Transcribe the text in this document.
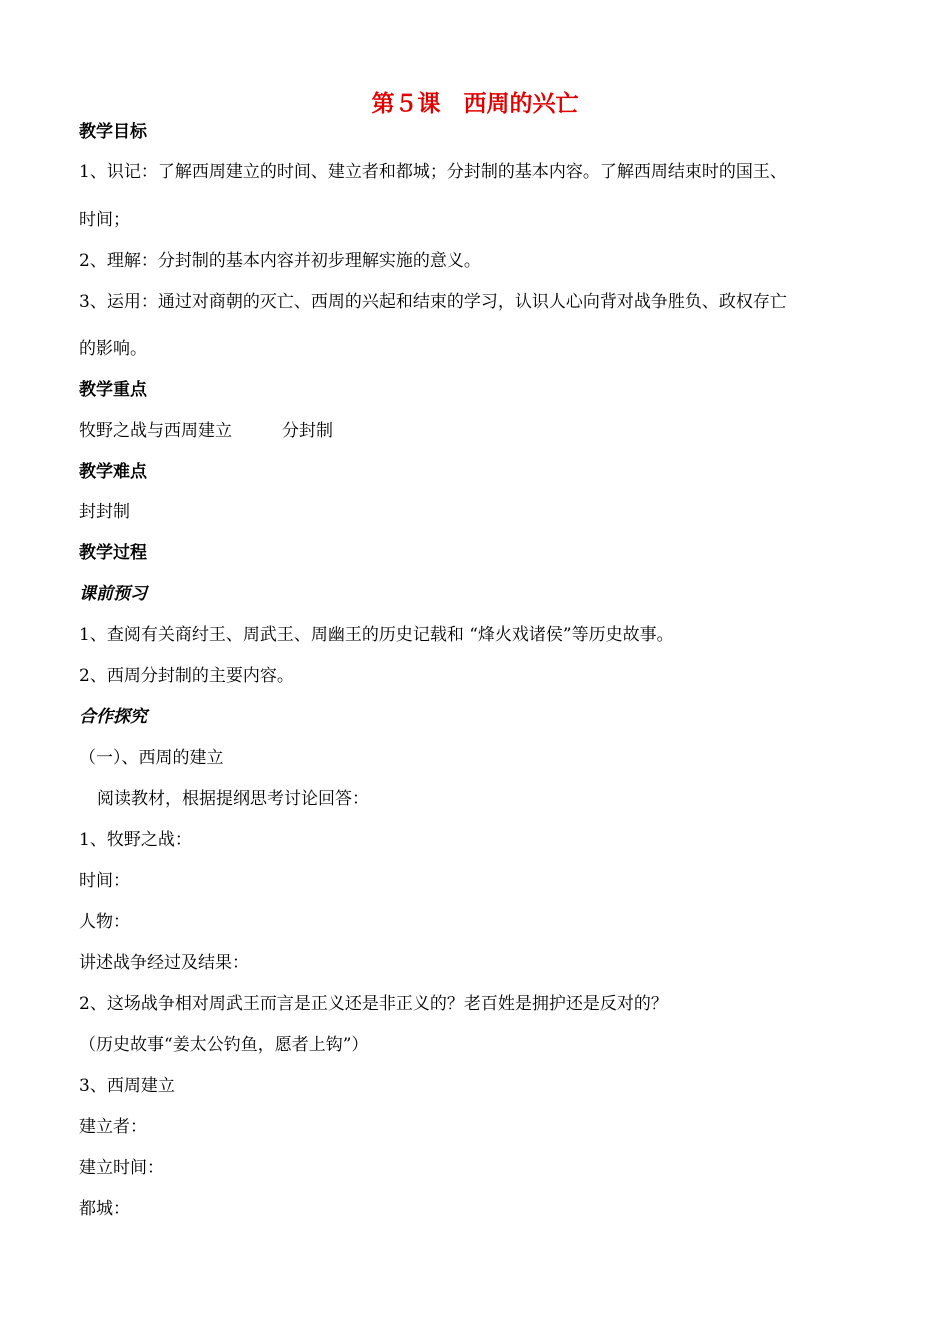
第５课　西周的兴亡
教学目标
1、识记：了解西周建立的时间、建立者和都城；分封制的基本内容。了解西周结束时的国王、
时间；
2、理解：分封制的基本内容并初步理解实施的意义。
3、运用：通过对商朝的灭亡、西周的兴起和结束的学习，认识人心向背对战争胜负、政权存亡
的影响。
教学重点
牧野之战与西周建立	分封制
教学难点
封封制
教学过程
课前预习
1、查阅有关商纣王、周武王、周幽王的历史记载和 “烽火戏诸侯”等历史故事。
2、西周分封制的主要内容。
合作探究
（一）、西周的建立
阅读教材，根据提纲思考讨论回答：
1、牧野之战：
时间：
人物：
讲述战争经过及结果：
2、这场战争相对周武王而言是正义还是非正义的？老百姓是拥护还是反对的？
（历史故事“姜太公钓鱼，愿者上钩”）
3、西周建立
建立者：
建立时间：
都城：
